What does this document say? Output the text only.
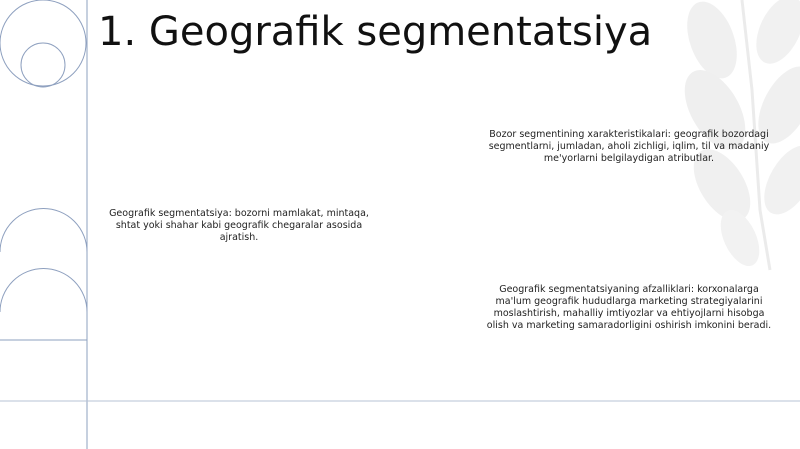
1. Geografik segmentatsiya

Bozor segmentining xarakteristikalari: geografik bozordagi segmentlarni, jumladan, aholi zichligi, iqlim, til va madaniy me'yorlarni belgilaydigan atributlar.

Geografik segmentatsiya: bozorni mamlakat, mintaqa, shtat yoki shahar kabi geografik chegaralar asosida ajratish.

Geografik segmentatsiyaning afzalliklari: korxonalarga ma'lum geografik hududlarga marketing strategiyalarini moslashtirish, mahalliy imtiyozlar va ehtiyojlarni hisobga olish va marketing samaradorligini oshirish imkonini beradi.
